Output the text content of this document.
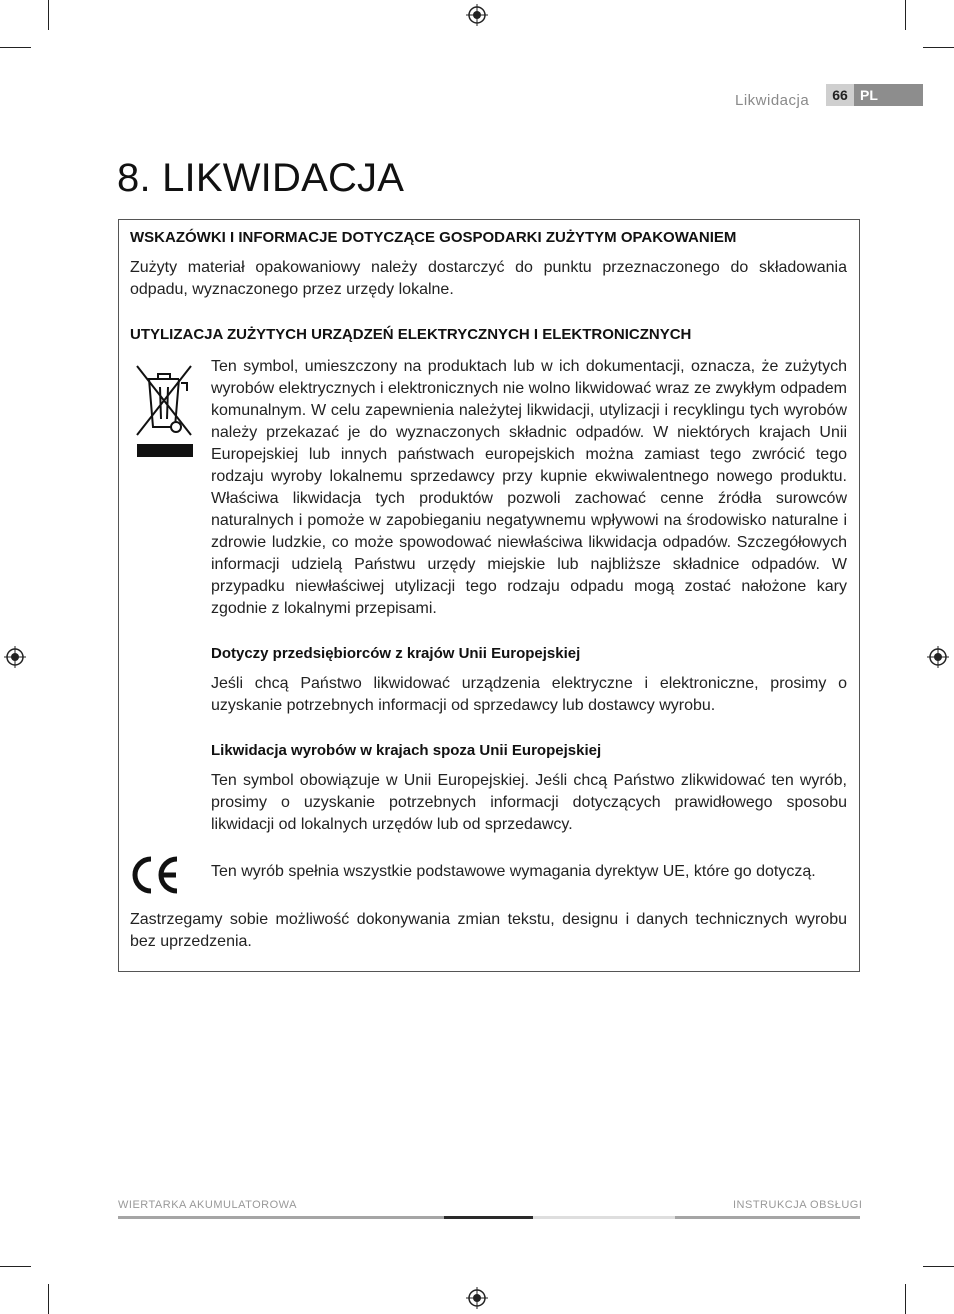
Likwidacja	66 PL
8. LIKWIDACJA
WSKAZÓWKI I INFORMACJE DOTYCZĄCE GOSPODARKI ZUŻYTYM OPAKOWANIEM
Zużyty materiał opakowaniowy należy dostarczyć do punktu przeznaczonego do składowania odpadu, wyznaczonego przez urzędy lokalne.
UTYLIZACJA ZUŻYTYCH URZĄDZEŃ ELEKTRYCZNYCH I ELEKTRONICZNYCH
Ten symbol, umieszczony na produktach lub w ich dokumentacji, oznacza, że zużytych wyrobów elektrycznych i elektronicznych nie wolno likwidować wraz ze zwykłym odpadem komunalnym. W celu zapewnienia należytej likwidacji, utylizacji i recyklingu tych wyrobów należy przekazać je do wyznaczonych składnic odpadów. W niektórych krajach Unii Europejskiej lub innych państwach europejskich można zamiast tego zwrócić tego rodzaju wyroby lokalnemu sprzedawcy przy kupnie ekwiwalentnego nowego produktu. Właściwa likwidacja tych produktów pozwoli zachować cenne źródła surowców naturalnych i pomoże w zapobieganiu negatywnemu wpływowi na środowisko naturalne i zdrowie ludzkie, co może spowodować niewłaściwa likwidacja odpadów. Szczegółowych informacji udzielą Państwu urzędy miejskie lub najbliższe składnice odpadów. W przypadku niewłaściwej utylizacji tego rodzaju odpadu mogą zostać nałożone kary zgodnie z lokalnymi przepisami.
Dotyczy przedsiębiorców z krajów Unii Europejskiej
Jeśli chcą Państwo likwidować urządzenia elektryczne i elektroniczne, prosimy o uzyskanie potrzebnych informacji od sprzedawcy lub dostawcy wyrobu.
Likwidacja wyrobów w krajach spoza Unii Europejskiej
Ten symbol obowiązuje w Unii Europejskiej. Jeśli chcą Państwo zlikwidować ten wyrób, prosimy o uzyskanie potrzebnych informacji dotyczących prawidłowego sposobu likwidacji od lokalnych urzędów lub od sprzedawcy.
Ten wyrób spełnia wszystkie podstawowe wymagania dyrektyw UE, które go dotyczą.
Zastrzegamy sobie możliwość dokonywania zmian tekstu, designu i danych technicznych wyrobu bez uprzedzenia.
WIERTARKA AKUMULATOROWA	INSTRUKCJA OBSŁUGI
